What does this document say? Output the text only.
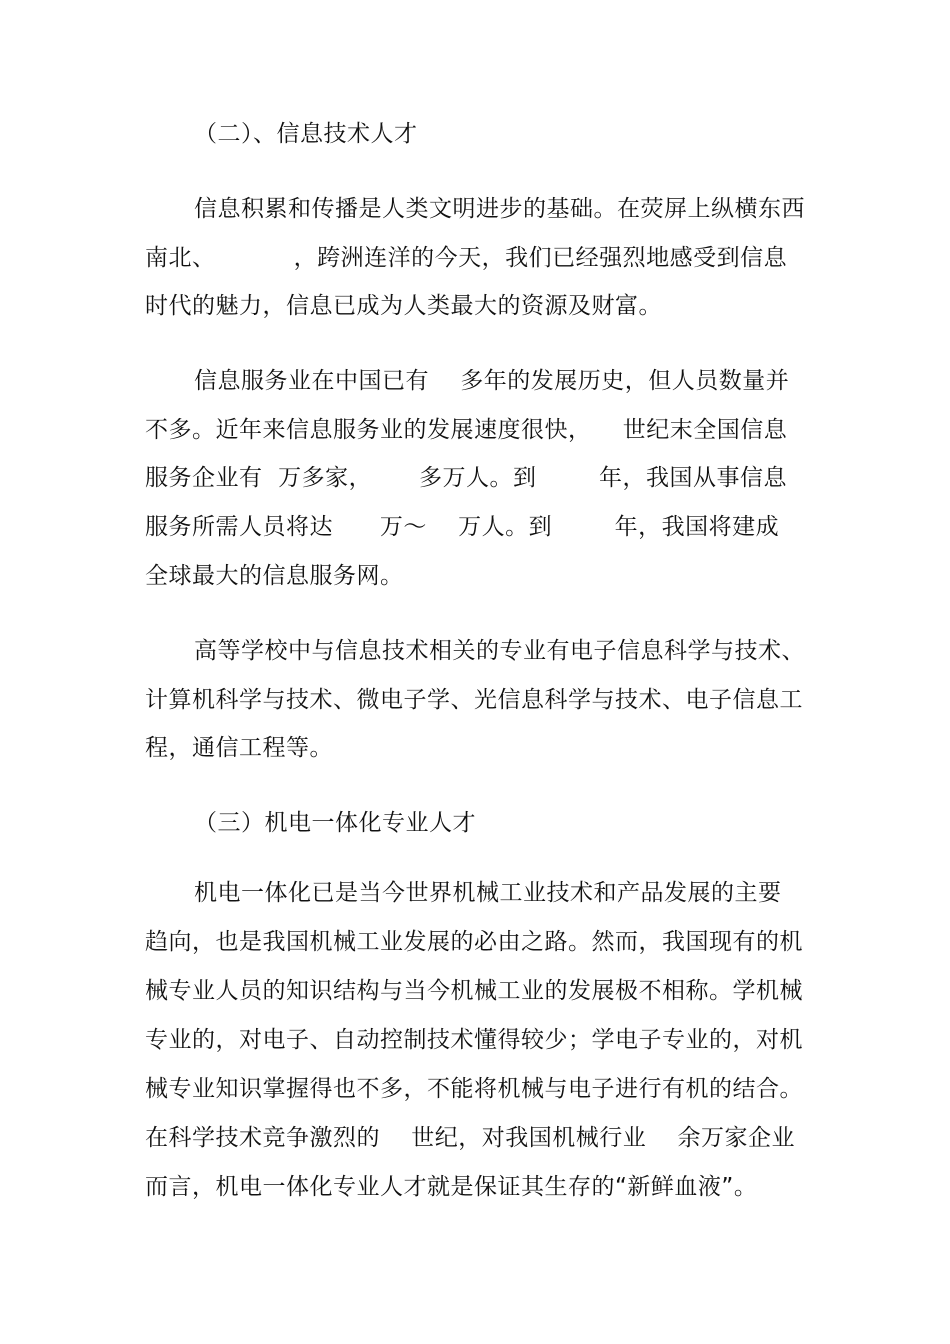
（二）、信息技术人才
信息积累和传播是人类文明进步的基础。在荧屏上纵横东西
南北、          ，跨洲连洋的今天，我们已经强烈地感受到信息
时代的魅力，信息已成为人类最大的资源及财富。
信息服务业在中国已有    多年的发展历史，但人员数量并
不多。近年来信息服务业的发展速度很快，    世纪末全国信息
服务企业有  万多家，      多万人。到        年，我国从事信息
服务所需人员将达      万～    万人。到        年，我国将建成
全球最大的信息服务网。
高等学校中与信息技术相关的专业有电子信息科学与技术、
计算机科学与技术、微电子学、光信息科学与技术、电子信息工
程，通信工程等。
（三）机电一体化专业人才
机电一体化已是当今世界机械工业技术和产品发展的主要
趋向，也是我国机械工业发展的必由之路。然而，我国现有的机
械专业人员的知识结构与当今机械工业的发展极不相称。学机械
专业的，对电子、自动控制技术懂得较少；学电子专业的，对机
械专业知识掌握得也不多，不能将机械与电子进行有机的结合。
在科学技术竞争激烈的    世纪，对我国机械行业    余万家企业
而言，机电一体化专业人才就是保证其生存的“新鲜血液”。
